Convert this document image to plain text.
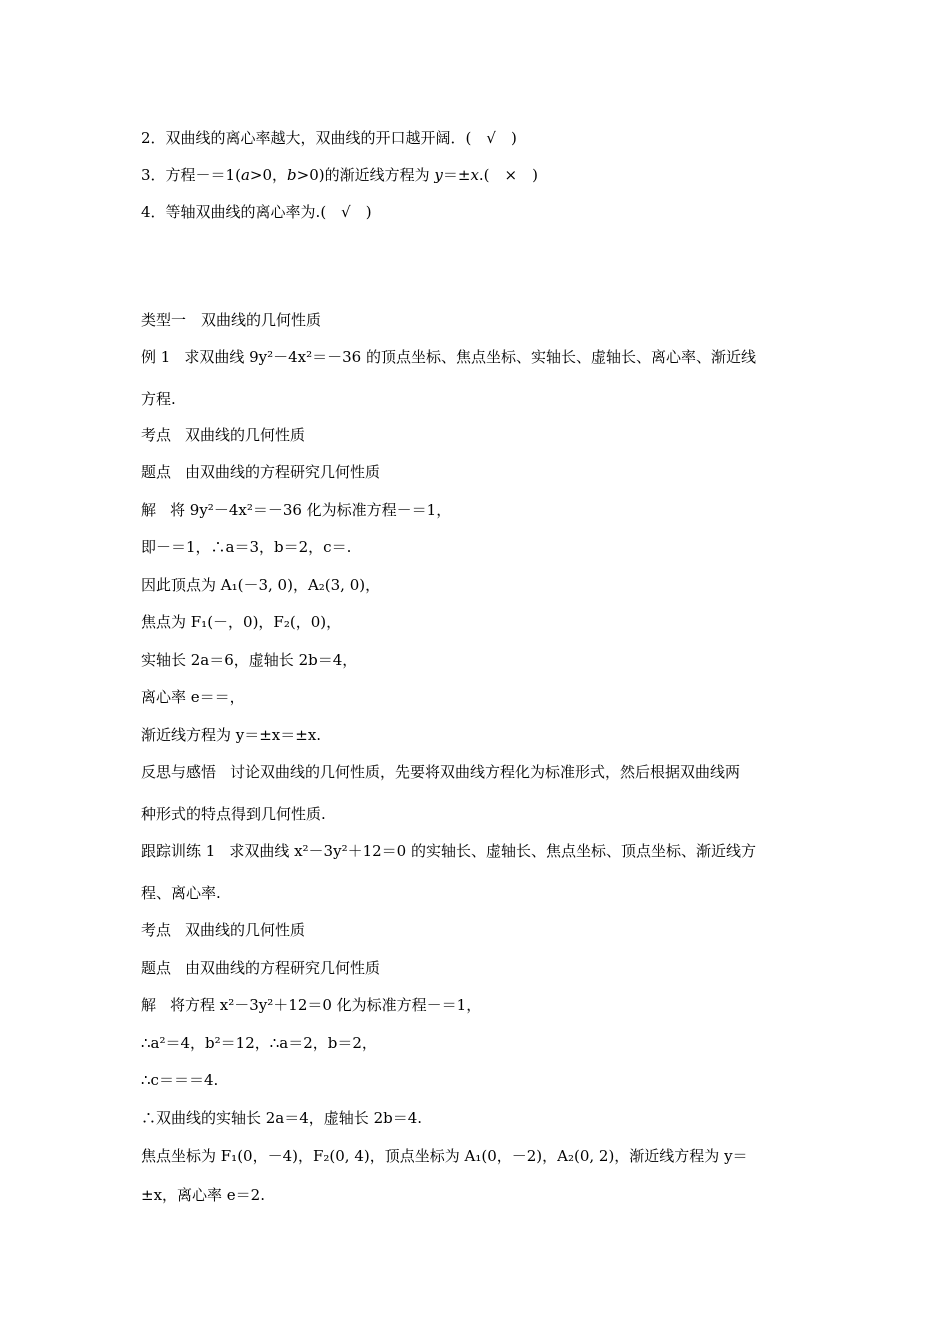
2．双曲线的离心率越大，双曲线的开口越开阔．(　√　)
3．方程－＝1(a>0，b>0)的渐近线方程为 y＝±x.(　×　)
4．等轴双曲线的离心率为.(　√　)
类型一　双曲线的几何性质
例 1 求双曲线 9y²－4x²＝－36 的顶点坐标、焦点坐标、实轴长、虚轴长、离心率、渐近线
方程.
考点 双曲线的几何性质
题点 由双曲线的方程研究几何性质
解 将 9y²－4x²＝－36 化为标准方程－＝1，
即－＝1，∴a＝3，b＝2，c＝.
因此顶点为 A₁(－3, 0)，A₂(3, 0)，
焦点为 F₁(－，0)，F₂(，0)，
实轴长 2a＝6，虚轴长 2b＝4，
离心率 e＝＝，
渐近线方程为 y＝±x＝±x.
反思与感悟 讨论双曲线的几何性质，先要将双曲线方程化为标准形式，然后根据双曲线两
种形式的特点得到几何性质.
跟踪训练 1 求双曲线 x²－3y²＋12＝0 的实轴长、虚轴长、焦点坐标、顶点坐标、渐近线方
程、离心率.
考点 双曲线的几何性质
题点 由双曲线的方程研究几何性质
解 将方程 x²－3y²＋12＝0 化为标准方程－＝1，
∴a²＝4，b²＝12，∴a＝2，b＝2，
∴c＝＝＝4.
∴双曲线的实轴长 2a＝4，虚轴长 2b＝4.
焦点坐标为 F₁(0，－4)，F₂(0, 4)，顶点坐标为 A₁(0，－2)，A₂(0, 2)，渐近线方程为 y＝
±x，离心率 e＝2.
